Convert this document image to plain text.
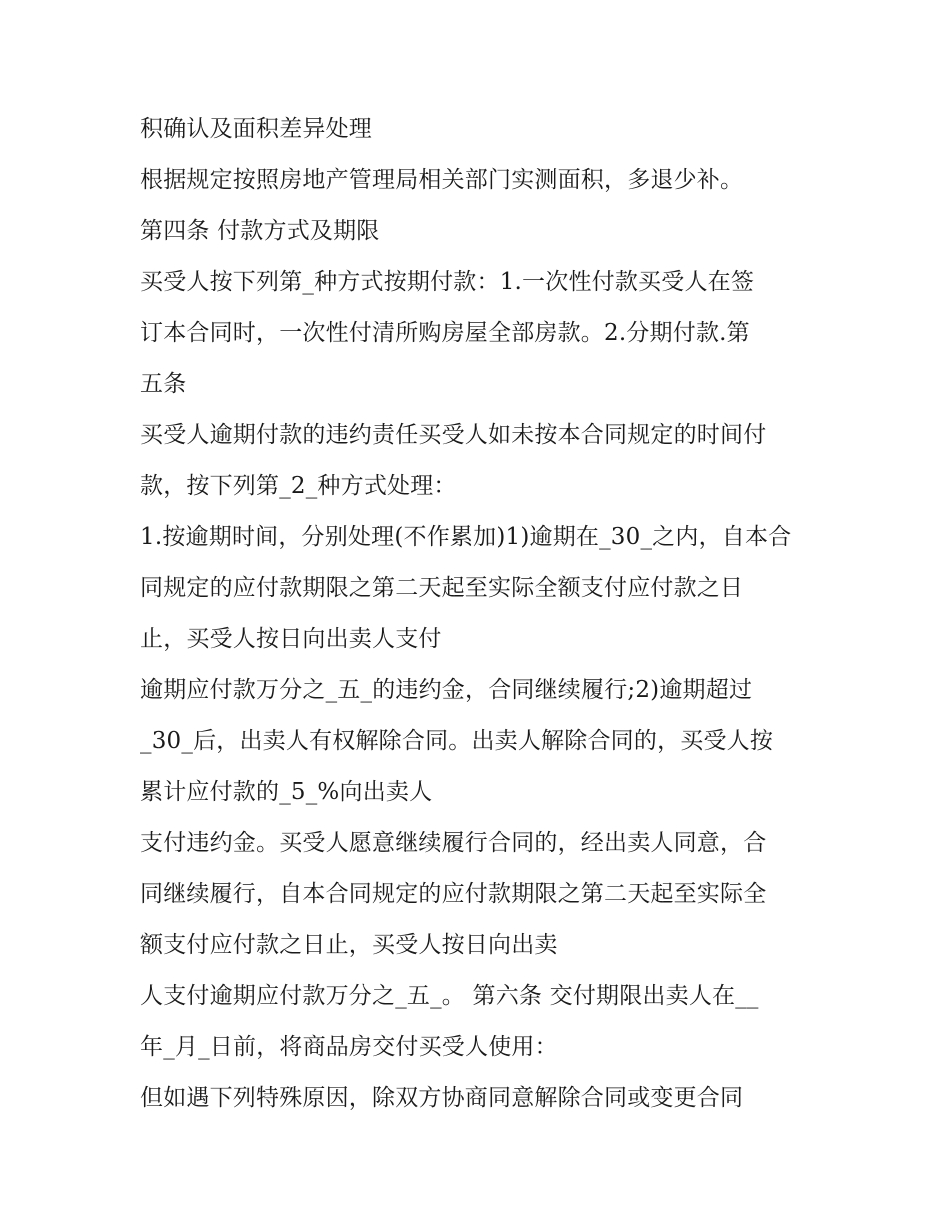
积确认及面积差异处理
根据规定按照房地产管理局相关部门实测面积，多退少补。
第四条 付款方式及期限
买受人按下列第_种方式按期付款：1.一次性付款买受人在签
订本合同时，一次性付清所购房屋全部房款。2.分期付款.第
五条
买受人逾期付款的违约责任买受人如未按本合同规定的时间付
款，按下列第_2_种方式处理：
1.按逾期时间，分别处理(不作累加)1)逾期在_30_之内，自本合
同规定的应付款期限之第二天起至实际全额支付应付款之日
止，买受人按日向出卖人支付
逾期应付款万分之_五_的违约金，合同继续履行;2)逾期超过
_30_后，出卖人有权解除合同。出卖人解除合同的，买受人按
累计应付款的_5_%向出卖人
支付违约金。买受人愿意继续履行合同的，经出卖人同意，合
同继续履行，自本合同规定的应付款期限之第二天起至实际全
额支付应付款之日止，买受人按日向出卖
人支付逾期应付款万分之_五_。 第六条 交付期限出卖人在__
年_月_日前，将商品房交付买受人使用：
但如遇下列特殊原因，除双方协商同意解除合同或变更合同
